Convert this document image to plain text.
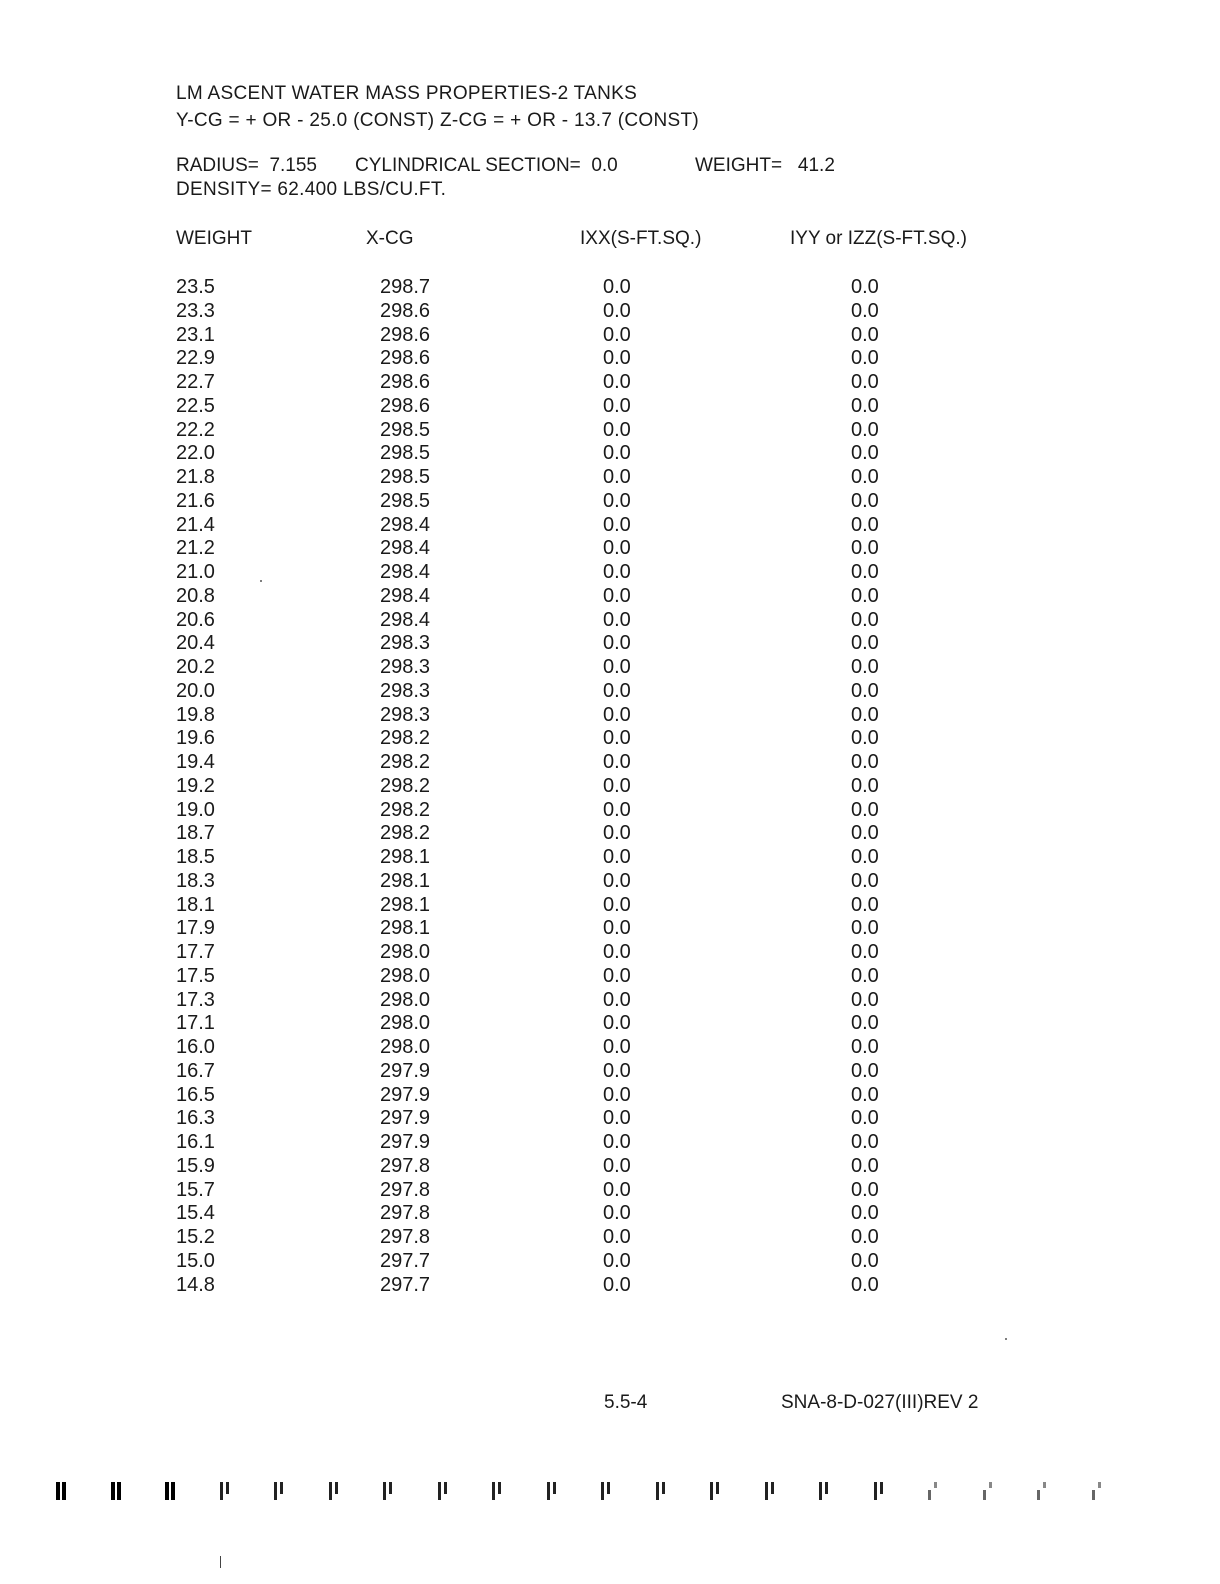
LM ASCENT WATER MASS PROPERTIES-2 TANKS
Y-CG = + OR - 25.0 (CONST) Z-CG = + OR - 13.7 (CONST)
RADIUS=  7.155 CYLINDRICAL SECTION=  0.0	WEIGHT=   41.2
DENSITY= 62.400 LBS/CU.FT.
WEIGHT	X-CG	IXX(S-FT.SQ.)	IYY or IZZ(S-FT.SQ.)
23.5	298.7	0.0	0.0
23.3	298.6	0.0	0.0
23.1	298.6	0.0	0.0
22.9	298.6	0.0	0.0
22.7	298.6	0.0	0.0
22.5	298.6	0.0	0.0
22.2	298.5	0.0	0.0
22.0	298.5	0.0	0.0
21.8	298.5	0.0	0.0
21.6	298.5	0.0	0.0
21.4	298.4	0.0	0.0
21.2	298.4	0.0	0.0
21.0	298.4	0.0	0.0
20.8	298.4	0.0	0.0
20.6	298.4	0.0	0.0
20.4	298.3	0.0	0.0
20.2	298.3	0.0	0.0
20.0	298.3	0.0	0.0
19.8	298.3	0.0	0.0
19.6	298.2	0.0	0.0
19.4	298.2	0.0	0.0
19.2	298.2	0.0	0.0
19.0	298.2	0.0	0.0
18.7	298.2	0.0	0.0
18.5	298.1	0.0	0.0
18.3	298.1	0.0	0.0
18.1	298.1	0.0	0.0
17.9	298.1	0.0	0.0
17.7	298.0	0.0	0.0
17.5	298.0	0.0	0.0
17.3	298.0	0.0	0.0
17.1	298.0	0.0	0.0
16.0	298.0	0.0	0.0
16.7	297.9	0.0	0.0
16.5	297.9	0.0	0.0
16.3	297.9	0.0	0.0
16.1	297.9	0.0	0.0
15.9	297.8	0.0	0.0
15.7	297.8	0.0	0.0
15.4	297.8	0.0	0.0
15.2	297.8	0.0	0.0
15.0	297.7	0.0	0.0
14.8	297.7	0.0	0.0
5.5-4	SNA-8-D-027(III)REV 2
